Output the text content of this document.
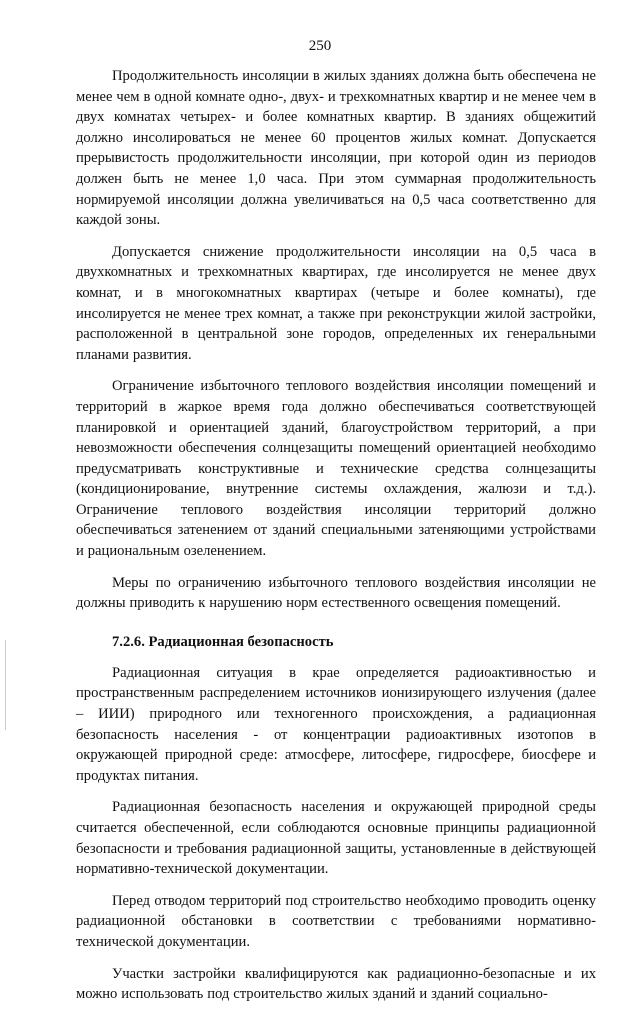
250

Продолжительность инсоляции в жилых зданиях должна быть обеспечена не менее чем в одной комнате одно-, двух- и трехкомнатных квартир и не менее чем в двух комнатах четырех- и более комнатных квартир. В зданиях общежитий должно инсолироваться не менее 60 процентов жилых комнат. Допускается прерывистость продолжительности инсоляции, при которой один из периодов должен быть не менее 1,0 часа. При этом суммарная продолжительность нормируемой инсоляции должна увеличиваться на 0,5 часа соответственно для каждой зоны.

Допускается снижение продолжительности инсоляции на 0,5 часа в двухкомнатных и трехкомнатных квартирах, где инсолируется не менее двух комнат, и в многокомнатных квартирах (четыре и более комнаты), где инсолируется не менее трех комнат, а также при реконструкции жилой застройки, расположенной в центральной зоне городов, определенных их генеральными планами развития.

Ограничение избыточного теплового воздействия инсоляции помещений и территорий в жаркое время года должно обеспечиваться соответствующей планировкой и ориентацией зданий, благоустройством территорий, а при невозможности обеспечения солнцезащиты помещений ориентацией необходимо предусматривать конструктивные и технические средства солнцезащиты (кондиционирование, внутренние системы охлаждения, жалюзи и т.д.). Ограничение теплового воздействия инсоляции территорий должно обеспечиваться затенением от зданий специальными затеняющими устройствами и рациональным озеленением.

Меры по ограничению избыточного теплового воздействия инсоляции не должны приводить к нарушению норм естественного освещения помещений.

7.2.6. Радиационная безопасность

Радиационная ситуация в крае определяется радиоактивностью и пространственным распределением источников ионизирующего излучения (далее – ИИИ) природного или техногенного происхождения, а радиационная безопасность населения - от концентрации радиоактивных изотопов в окружающей природной среде: атмосфере, литосфере, гидросфере, биосфере и продуктах питания.

Радиационная безопасность населения и окружающей природной среды считается обеспеченной, если соблюдаются основные принципы радиационной безопасности и требования радиационной защиты, установленные в действующей нормативно-технической документации.

Перед отводом территорий под строительство необходимо проводить оценку радиационной обстановки в соответствии с требованиями нормативно-технической документации.

Участки застройки квалифицируются как радиационно-безопасные и их можно использовать под строительство жилых зданий и зданий социально-
